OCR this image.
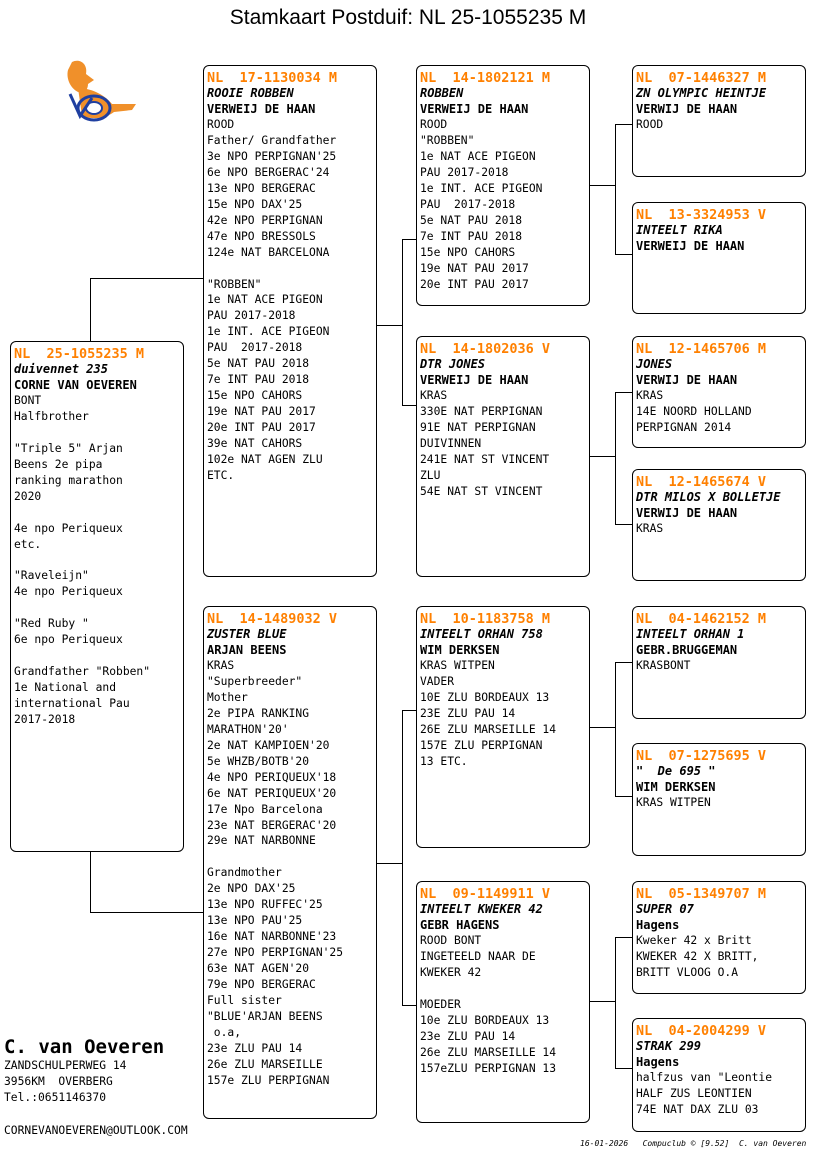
Stamkaart Postduif: NL 25-1055235 M
NL  25-1055235 M
duivennet 235
CORNE VAN OEVEREN
BONT
Halfbrother
"Triple 5" Arjan
Beens 2e pipa
ranking marathon
2020
4e npo Periqueux
etc.
"Raveleijn"
4e npo Periqueux
"Red Ruby "
6e npo Periqueux
Grandfather "Robben"
1e National and
international Pau
2017-2018
NL  17-1130034 M
ROOIE ROBBEN
VERWEIJ DE HAAN
ROOD
Father/ Grandfather
3e NPO PERPIGNAN'25
6e NPO BERGERAC'24
13e NPO BERGERAC
15e NPO DAX'25
42e NPO PERPIGNAN
47e NPO BRESSOLS
124e NAT BARCELONA
"ROBBEN"
1e NAT ACE PIGEON
PAU 2017-2018
1e INT. ACE PIGEON
PAU  2017-2018
5e NAT PAU 2018
7e INT PAU 2018
15e NPO CAHORS
19e NAT PAU 2017
20e INT PAU 2017
39e NAT CAHORS
102e NAT AGEN ZLU
ETC.
NL  14-1489032 V
ZUSTER BLUE
ARJAN BEENS
KRAS
"Superbreeder"
Mother
2e PIPA RANKING
MARATHON'20'
2e NAT KAMPIOEN'20
5e WHZB/BOTB'20
4e NPO PERIQUEUX'18
6e NAT PERIQUEUX'20
17e Npo Barcelona
23e NAT BERGERAC'20
29e NAT NARBONNE
Grandmother
2e NPO DAX'25
13e NPO RUFFEC'25
13e NPO PAU'25
16e NAT NARBONNE'23
27e NPO PERPIGNAN'25
63e NAT AGEN'20
79e NPO BERGERAC
Full sister
"BLUE'ARJAN BEENS
o.a,
23e ZLU PAU 14
26e ZLU MARSEILLE
157e ZLU PERPIGNAN
NL  14-1802121 M
ROBBEN
VERWEIJ DE HAAN
ROOD
"ROBBEN"
1e NAT ACE PIGEON
PAU 2017-2018
1e INT. ACE PIGEON
PAU  2017-2018
5e NAT PAU 2018
7e INT PAU 2018
15e NPO CAHORS
19e NAT PAU 2017
20e INT PAU 2017
NL  14-1802036 V
DTR JONES
VERWEIJ DE HAAN
KRAS
330E NAT PERPIGNAN
91E NAT PERPIGNAN
DUIVINNEN
241E NAT ST VINCENT
ZLU
54E NAT ST VINCENT
NL  10-1183758 M
INTEELT ORHAN 758
WIM DERKSEN
KRAS WITPEN
VADER
10E ZLU BORDEAUX 13
23E ZLU PAU 14
26E ZLU MARSEILLE 14
157E ZLU PERPIGNAN
13 ETC.
NL  09-1149911 V
INTEELT KWEKER 42
GEBR HAGENS
ROOD BONT
INGETEELD NAAR DE
KWEKER 42
MOEDER
10e ZLU BORDEAUX 13
23e ZLU PAU 14
26e ZLU MARSEILLE 14
157eZLU PERPIGNAN 13
NL  07-1446327 M
ZN OLYMPIC HEINTJE
VERWIJ DE HAAN
ROOD
NL  13-3324953 V
INTEELT RIKA
VERWEIJ DE HAAN
NL  12-1465706 M
JONES
VERWIJ DE HAAN
KRAS
14E NOORD HOLLAND
PERPIGNAN 2014
NL  12-1465674 V
DTR MILOS X BOLLETJE
VERWIJ DE HAAN
KRAS
NL  04-1462152 M
INTEELT ORHAN 1
GEBR.BRUGGEMAN
KRASBONT
NL  07-1275695 V
"  De 695 "
WIM DERKSEN
KRAS WITPEN
NL  05-1349707 M
SUPER 07
Hagens
Kweker 42 x Britt
KWEKER 42 X BRITT,
BRITT VLOOG O.A
NL  04-2004299 V
STRAK 299
Hagens
halfzus van "Leontie
HALF ZUS LEONTIEN
74E NAT DAX ZLU 03
C. van Oeveren
ZANDSCHULPERWEG 14
3956KM  OVERBERG
Tel.:0651146370
CORNEVANOEVEREN@OUTLOOK.COM
16-01-2026   Compuclub © [9.52]  C. van Oeveren
